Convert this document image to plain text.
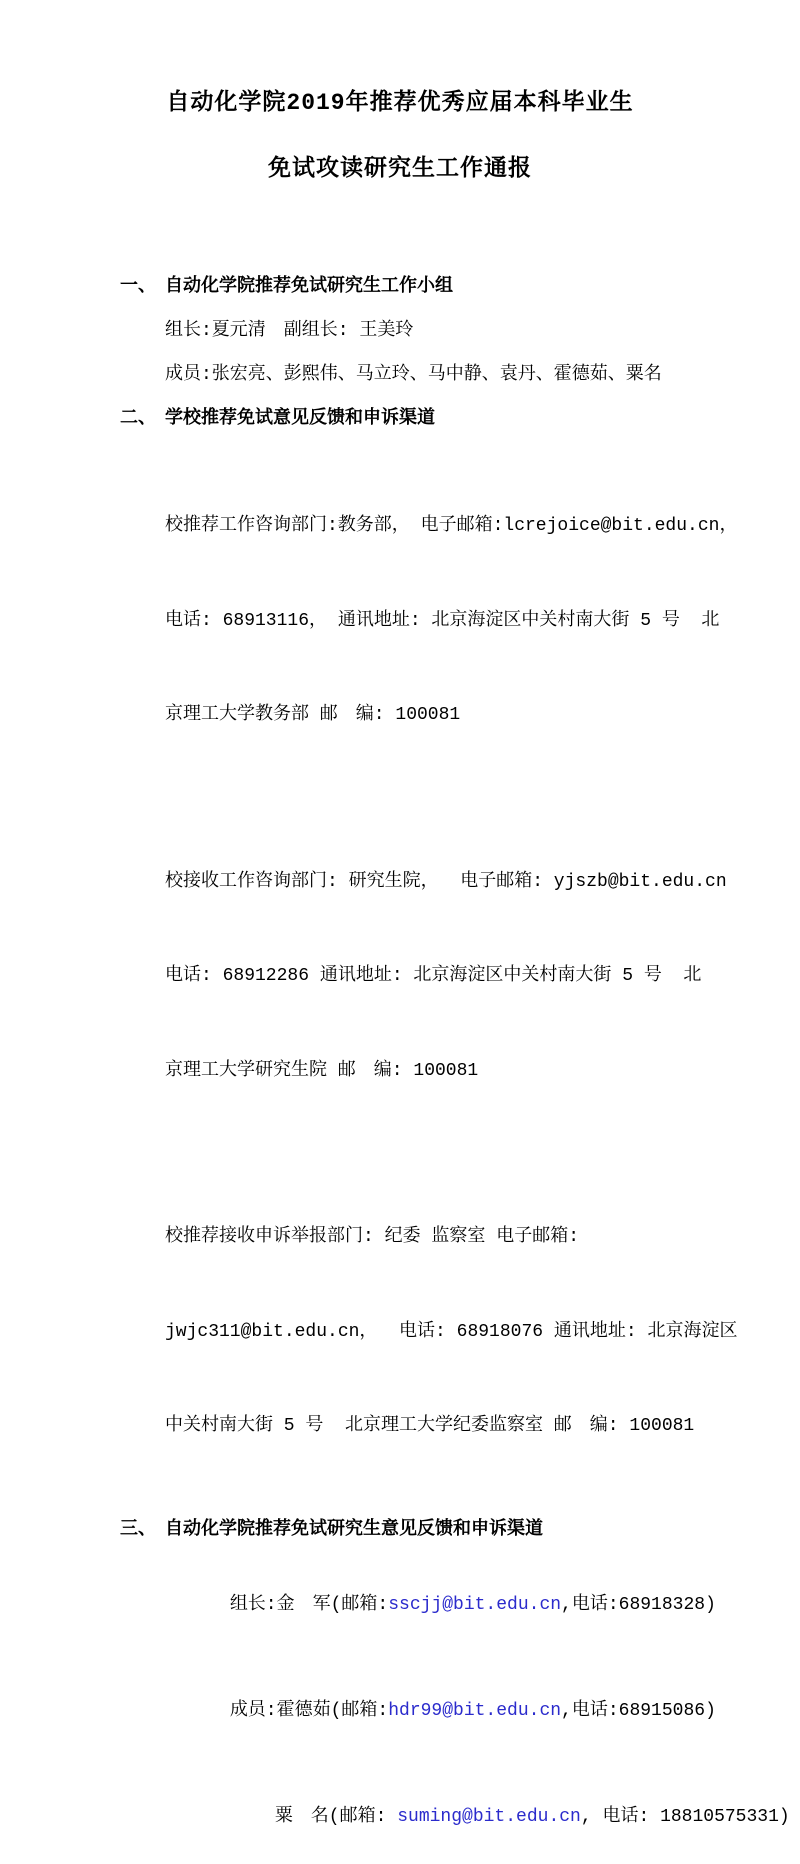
自动化学院2019年推荐优秀应届本科毕业生
免试攻读研究生工作通报
一、 自动化学院推荐免试研究生工作小组
组长:夏元清　副组长: 王美玲
成员:张宏亮、彭熙伟、马立玲、马中静、袁丹、霍德茹、粟名
二、 学校推荐免试意见反馈和申诉渠道

校推荐工作咨询部门:教务部， 电子邮箱:lcrejoice@bit.edu.cn，

电话: 68913116， 通讯地址: 北京海淀区中关村南大街 5 号  北

京理工大学教务部 邮　编: 100081

校接收工作咨询部门: 研究生院，  电子邮箱: yjszb@bit.edu.cn

电话: 68912286 通讯地址: 北京海淀区中关村南大街 5 号  北

京理工大学研究生院 邮　编: 100081

校推荐接收申诉举报部门: 纪委 监察室 电子邮箱:

jwjc311@bit.edu.cn，  电话: 68918076 通讯地址: 北京海淀区

中关村南大街 5 号  北京理工大学纪委监察室 邮　编: 100081

三、 自动化学院推荐免试研究生意见反馈和申诉渠道

组长:金　军(邮箱:sscjj@bit.edu.cn,电话:68918328)

成员:霍德茹(邮箱:hdr99@bit.edu.cn,电话:68915086)

粟　名(邮箱: suming@bit.edu.cn, 电话: 18810575331)
